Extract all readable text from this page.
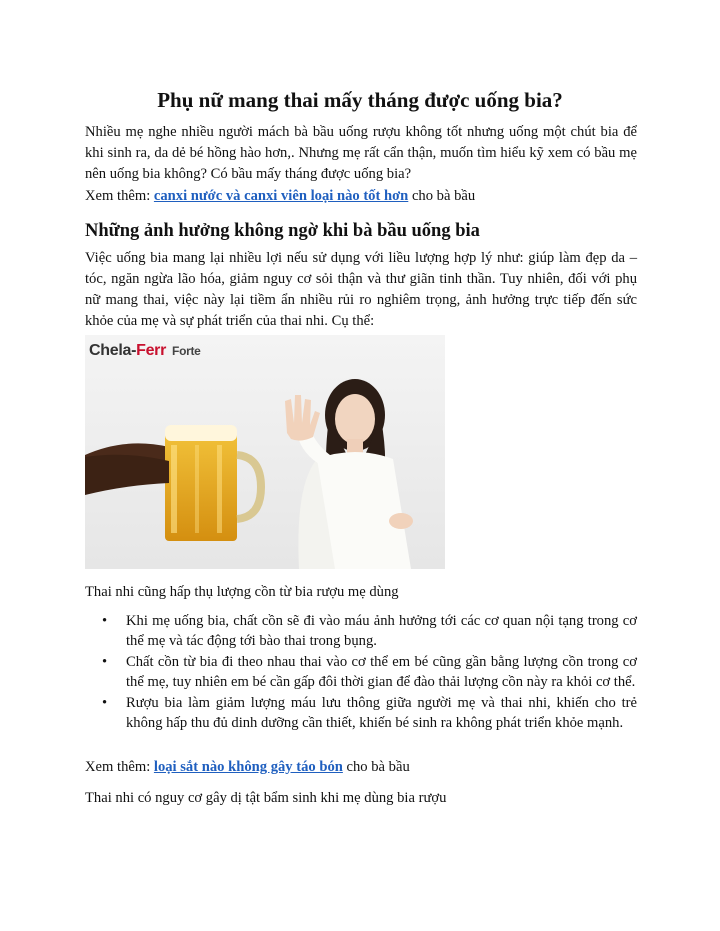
Phụ nữ mang thai mấy tháng được uống bia?

Nhiều mẹ nghe nhiều người mách bà bầu uống rượu không tốt nhưng uống một chút bia để khi sinh ra, da dẻ bé hồng hào hơn,. Nhưng mẹ rất cẩn thận, muốn tìm hiểu kỹ xem có bầu mẹ nên uống bia không? Có bầu mấy tháng được uống bia?

Xem thêm: canxi nước và canxi viên loại nào tốt hơn cho bà bầu

Những ảnh hưởng không ngờ khi bà bầu uống bia

Việc uống bia mang lại nhiều lợi nếu sử dụng với liều lượng hợp lý như: giúp làm đẹp da – tóc, ngăn ngừa lão hóa, giảm nguy cơ sỏi thận và thư giãn tinh thần. Tuy nhiên, đối với phụ nữ mang thai, việc này lại tiềm ẩn nhiều rủi ro nghiêm trọng, ảnh hưởng trực tiếp đến sức khỏe của mẹ và sự phát triển của thai nhi. Cụ thể:

Chela-Ferr Forte

Thai nhi cũng hấp thụ lượng cồn từ bia rượu mẹ dùng

• Khi mẹ uống bia, chất cồn sẽ đi vào máu ảnh hưởng tới các cơ quan nội tạng trong cơ thể mẹ và tác động tới bào thai trong bụng.
• Chất cồn từ bia đi theo nhau thai vào cơ thể em bé cũng gần bằng lượng cồn trong cơ thể mẹ, tuy nhiên em bé cần gấp đôi thời gian để đào thải lượng cồn này ra khỏi cơ thể.
• Rượu bia làm giảm lượng máu lưu thông giữa người mẹ và thai nhi, khiến cho trẻ không hấp thu đủ dinh dưỡng cần thiết, khiến bé sinh ra không phát triển khỏe mạnh.

Xem thêm: loại sắt nào không gây táo bón cho bà bầu

Thai nhi có nguy cơ gây dị tật bẩm sinh khi mẹ dùng bia rượu
